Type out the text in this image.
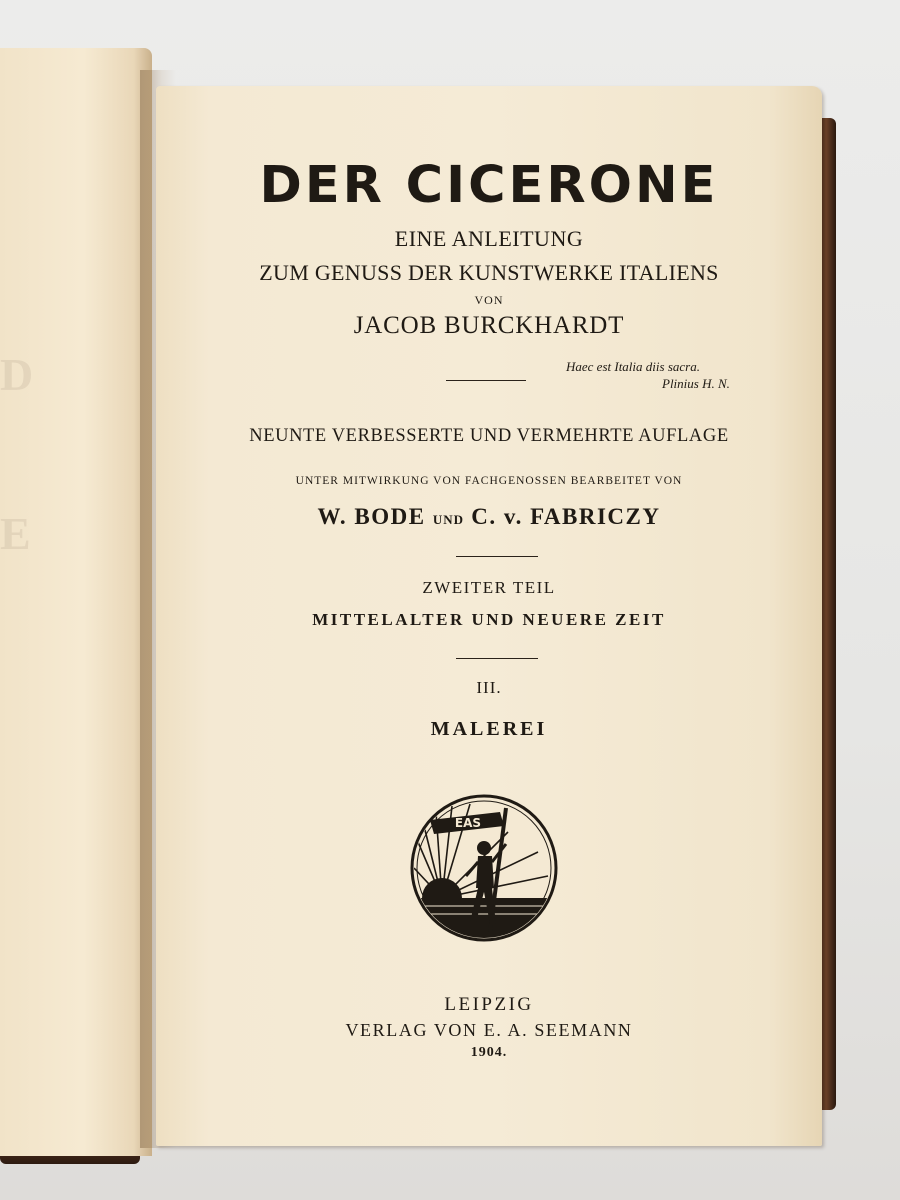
D

E
DER CICERONE
EINE ANLEITUNG
ZUM GENUSS DER KUNSTWERKE ITALIENS
VON
JACOB BURCKHARDT
Haec est Italia diis sacra.
Plinius H. N.
NEUNTE VERBESSERTE UND VERMEHRTE AUFLAGE
UNTER MITWIRKUNG VON FACHGENOSSEN BEARBEITET VON
W. BODE UND C. v. FABRICZY
ZWEITER TEIL
MITTELALTER UND NEUERE ZEIT
III.
MALEREI
EAS
LEIPZIG
VERLAG VON E. A. SEEMANN
1904.
